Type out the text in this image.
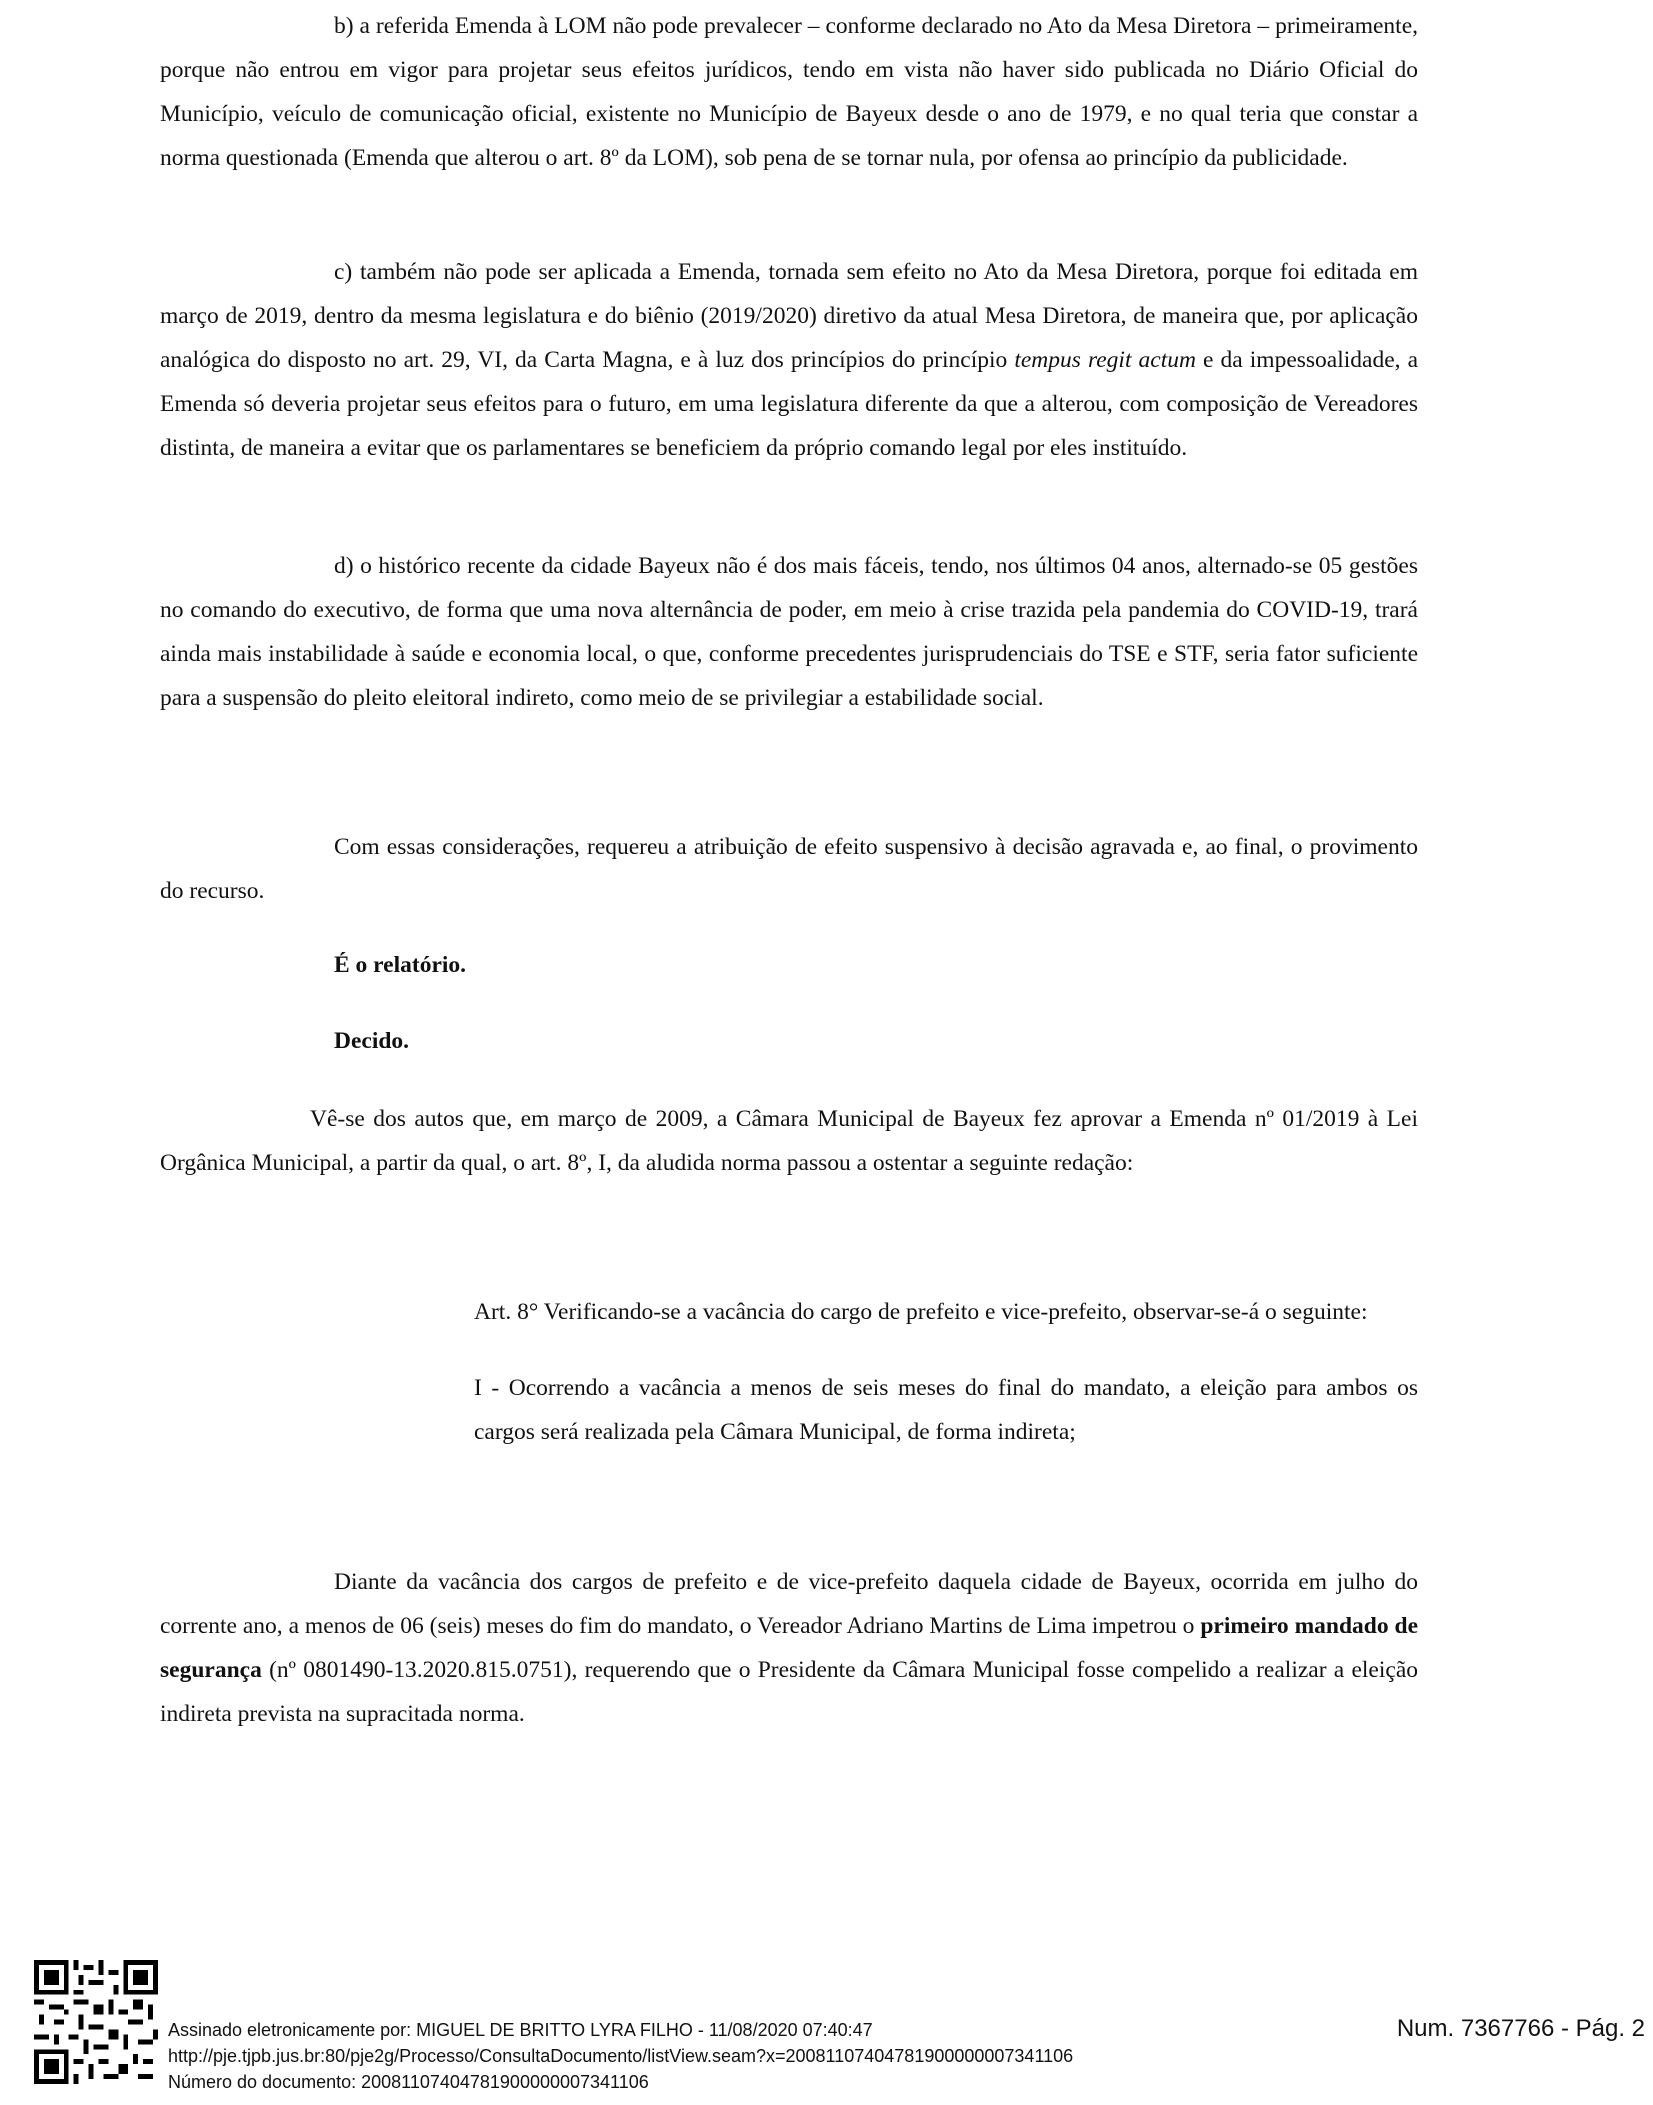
b) a referida Emenda à LOM não pode prevalecer – conforme declarado no Ato da Mesa Diretora – primeiramente, porque não entrou em vigor para projetar seus efeitos jurídicos, tendo em vista não haver sido publicada no Diário Oficial do Município, veículo de comunicação oficial, existente no Município de Bayeux desde o ano de 1979, e no qual teria que constar a norma questionada (Emenda que alterou o art. 8º da LOM), sob pena de se tornar nula, por ofensa ao princípio da publicidade.

c) também não pode ser aplicada a Emenda, tornada sem efeito no Ato da Mesa Diretora, porque foi editada em março de 2019, dentro da mesma legislatura e do biênio (2019/2020) diretivo da atual Mesa Diretora, de maneira que, por aplicação analógica do disposto no art. 29, VI, da Carta Magna, e à luz dos princípios do princípio tempus regit actum e da impessoalidade, a Emenda só deveria projetar seus efeitos para o futuro, em uma legislatura diferente da que a alterou, com composição de Vereadores distinta, de maneira a evitar que os parlamentares se beneficiem da próprio comando legal por eles instituído.

d) o histórico recente da cidade Bayeux não é dos mais fáceis, tendo, nos últimos 04 anos, alternado-se 05 gestões no comando do executivo, de forma que uma nova alternância de poder, em meio à crise trazida pela pandemia do COVID-19, trará ainda mais instabilidade à saúde e economia local, o que, conforme precedentes jurisprudenciais do TSE e STF, seria fator suficiente para a suspensão do pleito eleitoral indireto, como meio de se privilegiar a estabilidade social.

Com essas considerações, requereu a atribuição de efeito suspensivo à decisão agravada e, ao final, o provimento do recurso.

É o relatório.

Decido.

Vê-se dos autos que, em março de 2009, a Câmara Municipal de Bayeux fez aprovar a Emenda nº 01/2019 à Lei Orgânica Municipal, a partir da qual, o art. 8º, I, da aludida norma passou a ostentar a seguinte redação:

Art. 8° Verificando-se a vacância do cargo de prefeito e vice-prefeito, observar-se-á o seguinte:

I - Ocorrendo a vacância a menos de seis meses do final do mandato, a eleição para ambos os cargos será realizada pela Câmara Municipal, de forma indireta;

Diante da vacância dos cargos de prefeito e de vice-prefeito daquela cidade de Bayeux, ocorrida em julho do corrente ano, a menos de 06 (seis) meses do fim do mandato, o Vereador Adriano Martins de Lima impetrou o primeiro mandado de segurança (nº 0801490-13.2020.815.0751), requerendo que o Presidente da Câmara Municipal fosse compelido a realizar a eleição indireta prevista na supracitada norma.

Assinado eletronicamente por: MIGUEL DE BRITTO LYRA FILHO - 11/08/2020 07:40:47
http://pje.tjpb.jus.br:80/pje2g/Processo/ConsultaDocumento/listView.seam?x=20081107404781900000007341106
Número do documento: 20081107404781900000007341106
Num. 7367766 - Pág. 2
